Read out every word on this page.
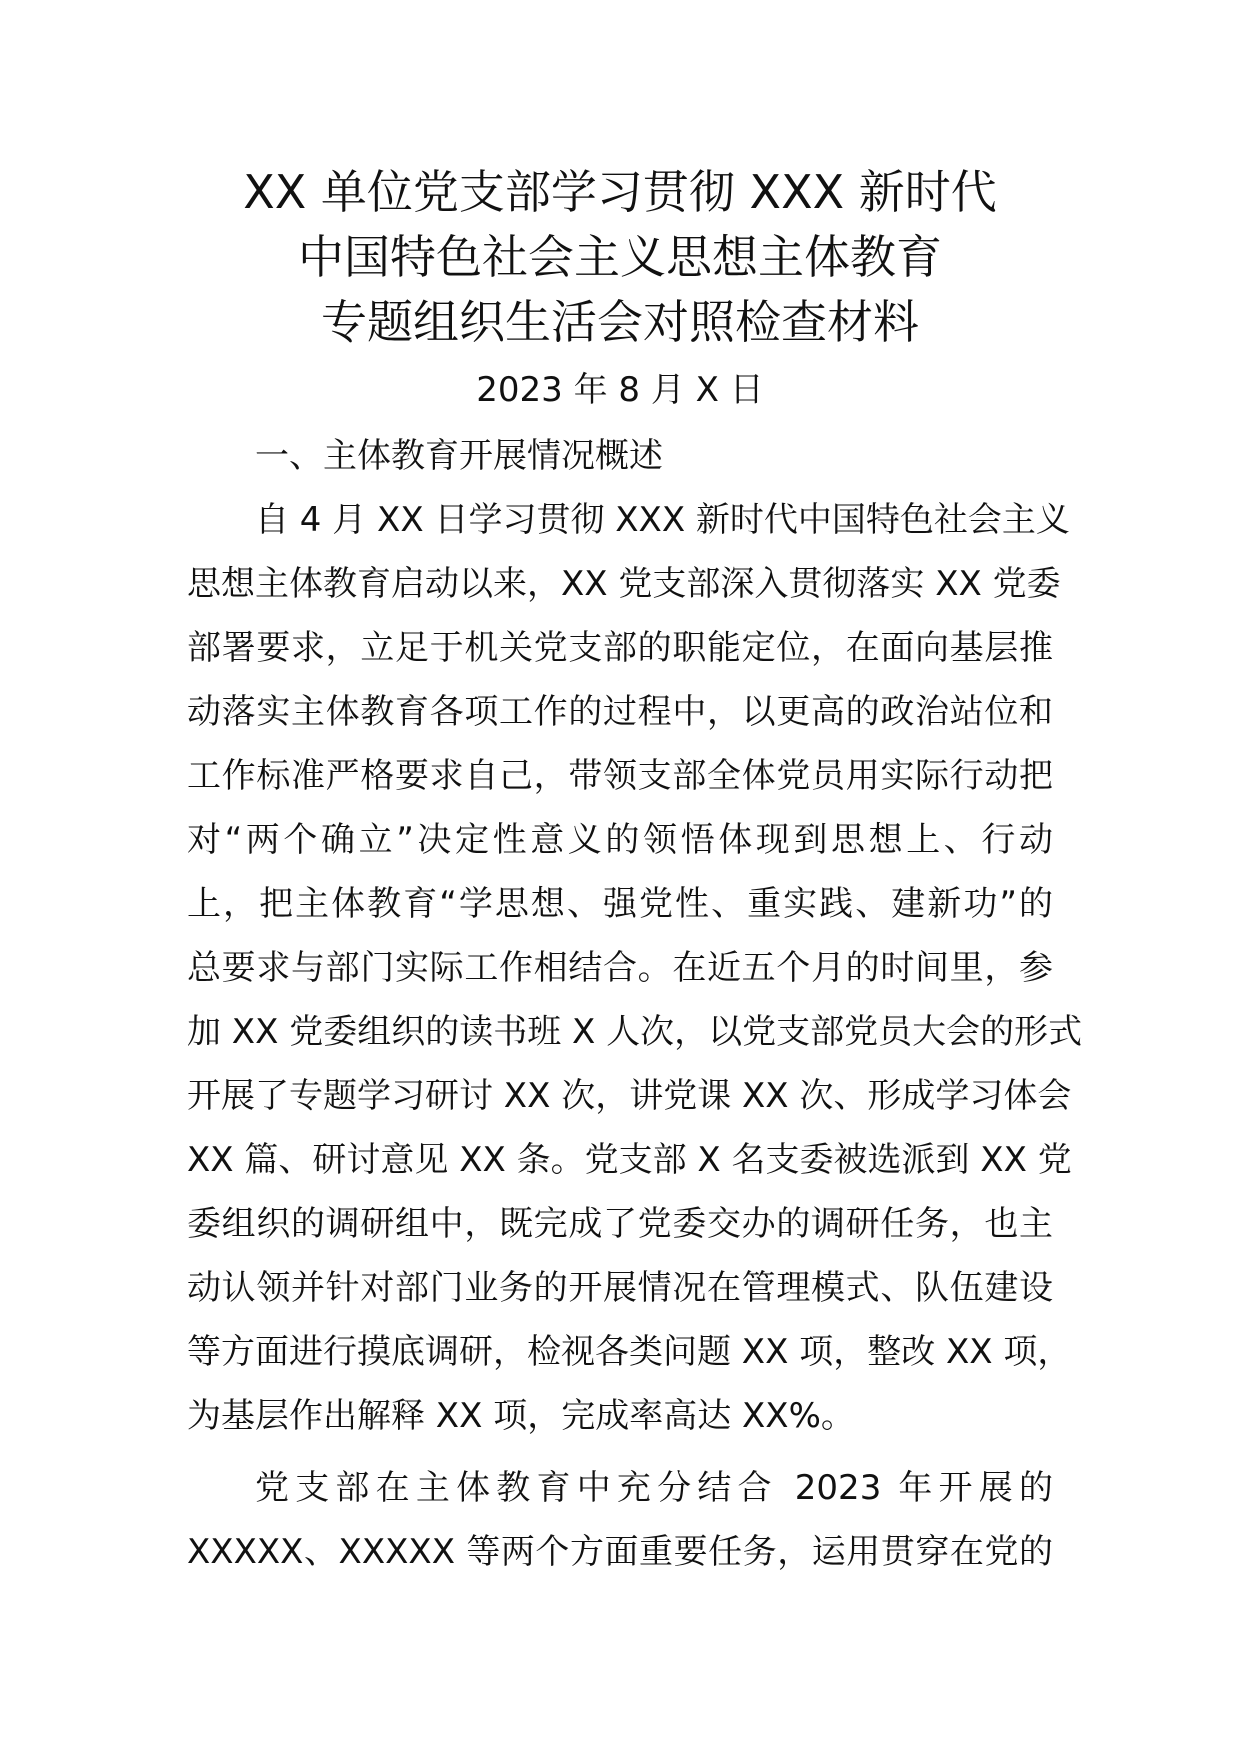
XX 单位党支部学习贯彻 XXX 新时代
中国特色社会主义思想主体教育
专题组织生活会对照检查材料
2023 年 8 月 X 日
一、主体教育开展情况概述
自 4 月 XX 日学习贯彻 XXX 新时代中国特色社会主义
思想主体教育启动以来，XX 党支部深入贯彻落实 XX 党委
部署要求，立足于机关党支部的职能定位，在面向基层推
动落实主体教育各项工作的过程中，以更高的政治站位和
工作标准严格要求自己，带领支部全体党员用实际行动把
对“两个确立”决定性意义的领悟体现到思想上、行动
上，把主体教育“学思想、强党性、重实践、建新功”的
总要求与部门实际工作相结合。在近五个月的时间里，参
加 XX 党委组织的读书班 X 人次，以党支部党员大会的形式
开展了专题学习研讨 XX 次，讲党课 XX 次、形成学习体会
XX 篇、研讨意见 XX 条。党支部 X 名支委被选派到 XX 党
委组织的调研组中，既完成了党委交办的调研任务，也主
动认领并针对部门业务的开展情况在管理模式、队伍建设
等方面进行摸底调研，检视各类问题 XX 项，整改 XX 项，
为基层作出解释 XX 项，完成率高达 XX%。
党支部在主体教育中充分结合 2023 年开展的
XXXXX、XXXXX 等两个方面重要任务，运用贯穿在党的
